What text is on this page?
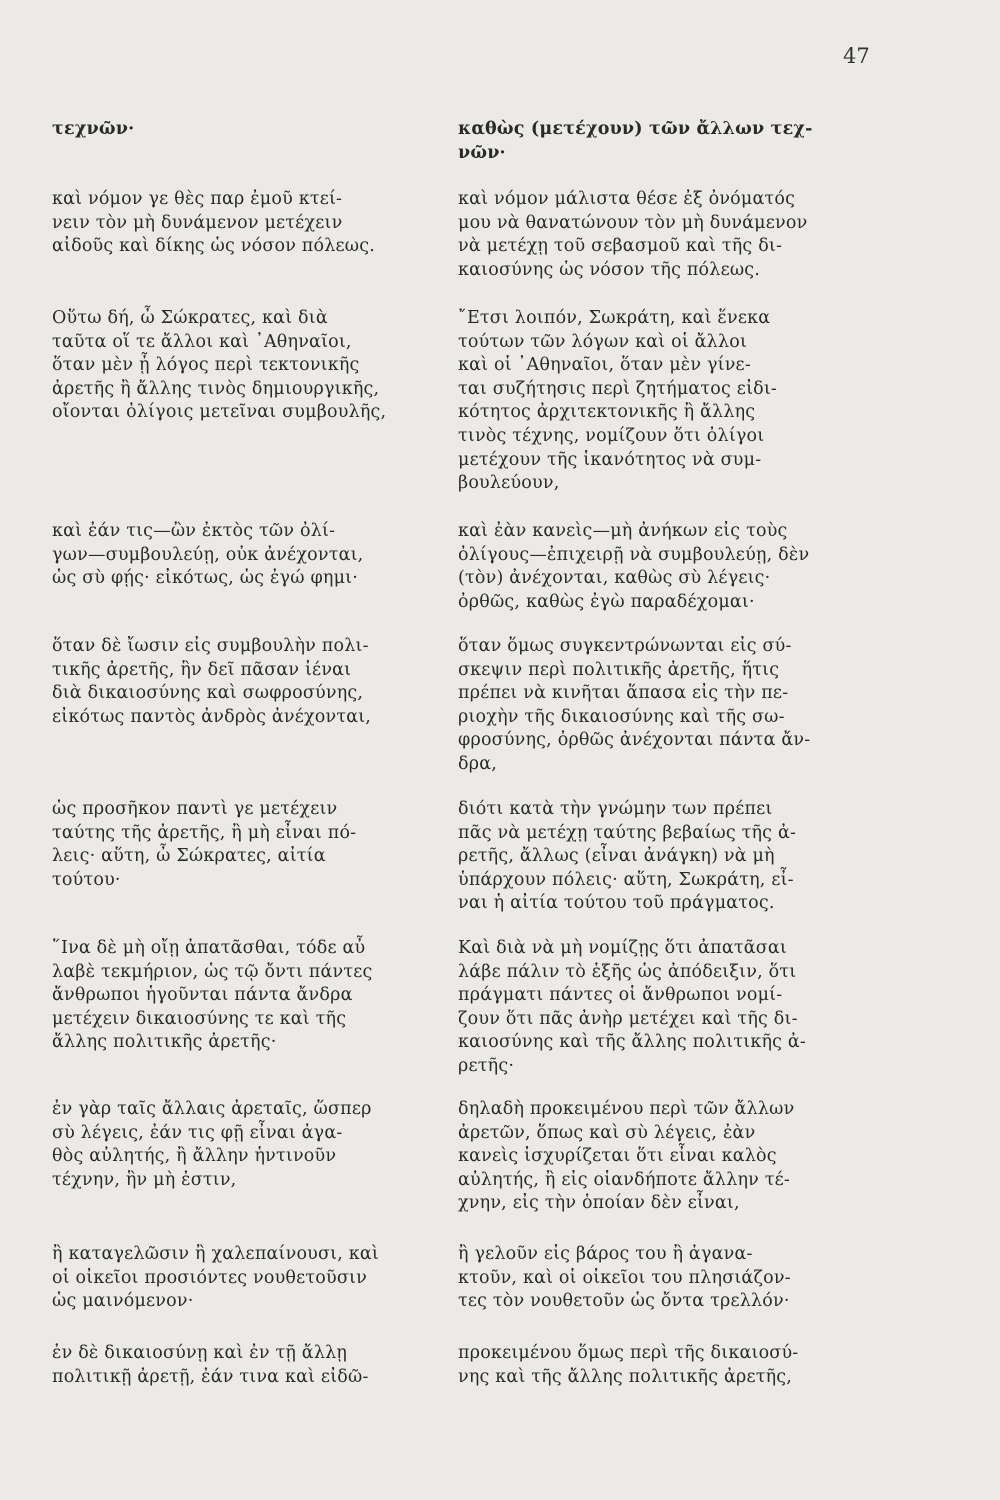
47

τεχνῶν·

καὶ νόμον γε θὲς παρ ἐμοῦ κτεί-
νειν τὸν μὴ δυνάμενον μετέχειν
αἰδοῦς καὶ δίκης ὡς νόσον πόλεως.

Οὕτω δή, ὦ Σώκρατες, καὶ διὰ
ταῦτα οἵ τε ἄλλοι καὶ ᾿Αθηναῖοι,
ὅταν μὲν ᾖ λόγος περὶ τεκτονικῆς
ἀρετῆς ἢ ἄλλης τινὸς δημιουργικῆς,
οἴονται ὀλίγοις μετεῖναι συμβουλῆς,

καὶ ἐάν τις—ὢν ἐκτὸς τῶν ὀλί-
γων—συμβουλεύῃ, οὐκ ἀνέχονται,
ὡς σὺ φῄς· εἰκότως, ὡς ἐγώ φημι·

ὅταν δὲ ἴωσιν εἰς συμβουλὴν πολι-
τικῆς ἀρετῆς, ἣν δεῖ πᾶσαν ἰέναι
διὰ δικαιοσύνης καὶ σωφροσύνης,
εἰκότως παντὸς ἀνδρὸς ἀνέχονται,

ὡς προσῆκον παντὶ γε μετέχειν
ταύτης τῆς ἀρετῆς, ἢ μὴ εἶναι πό-
λεις· αὕτη, ὦ Σώκρατες, αἰτία
τούτου·

῞Ινα δὲ μὴ οἴῃ ἀπατᾶσθαι, τόδε αὖ
λαβὲ τεκμήριον, ὡς τῷ ὄντι πάντες
ἄνθρωποι ἡγοῦνται πάντα ἄνδρα
μετέχειν δικαιοσύνης τε καὶ τῆς
ἄλλης πολιτικῆς ἀρετῆς·

ἐν γὰρ ταῖς ἄλλαις ἀρεταῖς, ὥσπερ
σὺ λέγεις, ἐάν τις φῇ εἶναι ἀγα-
θὸς αὐλητής, ἢ ἄλλην ἡντινοῦν
τέχνην, ἣν μὴ ἐστιν,

ἢ καταγελῶσιν ἢ χαλεπαίνουσι, καὶ
οἱ οἰκεῖοι προσιόντες νουθετοῦσιν
ὡς μαινόμενον·

ἐν δὲ δικαιοσύνῃ καὶ ἐν τῇ ἄλλῃ
πολιτικῇ ἀρετῇ, ἐάν τινα καὶ εἰδῶ-

καθὼς (μετέχουν) τῶν ἄλλων τεχ-
νῶν·

καὶ νόμον μάλιστα θέσε ἐξ ὀνόματός
μου νὰ θανατώνουν τὸν μὴ δυνάμενον
νὰ μετέχῃ τοῦ σεβασμοῦ καὶ τῆς δι-
καιοσύνης ὡς νόσον τῆς πόλεως.

῎Ετσι λοιπόν, Σωκράτη, καὶ ἕνεκα
τούτων τῶν λόγων καὶ οἱ ἄλλοι
καὶ οἱ ᾿Αθηναῖοι, ὅταν μὲν γίνε-
ται συζήτησις περὶ ζητήματος εἰδι-
κότητος ἀρχιτεκτονικῆς ἢ ἄλλης
τινὸς τέχνης, νομίζουν ὅτι ὀλίγοι
μετέχουν τῆς ἱκανότητος νὰ συμ-
βουλεύουν,

καὶ ἐὰν κανεὶς—μὴ ἀνήκων εἰς τοὺς
ὀλίγους—ἐπιχειρῇ νὰ συμβουλεύῃ, δὲν
(τὸν) ἀνέχονται, καθὼς σὺ λέγεις·
ὀρθῶς, καθὼς ἐγὼ παραδέχομαι·

ὅταν ὅμως συγκεντρώνωνται εἰς σύ-
σκεψιν περὶ πολιτικῆς ἀρετῆς, ἥτις
πρέπει νὰ κινῆται ἅπασα εἰς τὴν πε-
ριοχὴν τῆς δικαιοσύνης καὶ τῆς σω-
φροσύνης, ὀρθῶς ἀνέχονται πάντα ἄν-
δρα,

διότι κατὰ τὴν γνώμην των πρέπει
πᾶς νὰ μετέχῃ ταύτης βεβαίως τῆς ἀ-
ρετῆς, ἄλλως (εἶναι ἀνάγκη) νὰ μὴ
ὑπάρχουν πόλεις· αὕτη, Σωκράτη, εἶ-
ναι ἡ αἰτία τούτου τοῦ πράγματος.

Καὶ διὰ νὰ μὴ νομίζῃς ὅτι ἀπατᾶσαι
λάβε πάλιν τὸ ἑξῆς ὡς ἀπόδειξιν, ὅτι
πράγματι πάντες οἱ ἄνθρωποι νομί-
ζουν ὅτι πᾶς ἀνὴρ μετέχει καὶ τῆς δι-
καιοσύνης καὶ τῆς ἄλλης πολιτικῆς ἀ-
ρετῆς·

δηλαδὴ προκειμένου περὶ τῶν ἄλλων
ἀρετῶν, ὅπως καὶ σὺ λέγεις, ἐὰν
κανεὶς ἰσχυρίζεται ὅτι εἶναι καλὸς
αὐλητής, ἢ εἰς οἱανδήποτε ἄλλην τέ-
χνην, εἰς τὴν ὁποίαν δὲν εἶναι,

ἢ γελοῦν εἰς βάρος του ἢ ἀγανα-
κτοῦν, καὶ οἱ οἰκεῖοι του πλησιάζον-
τες τὸν νουθετοῦν ὡς ὄντα τρελλόν·

προκειμένου ὅμως περὶ τῆς δικαιοσύ-
νης καὶ τῆς ἄλλης πολιτικῆς ἀρετῆς,
